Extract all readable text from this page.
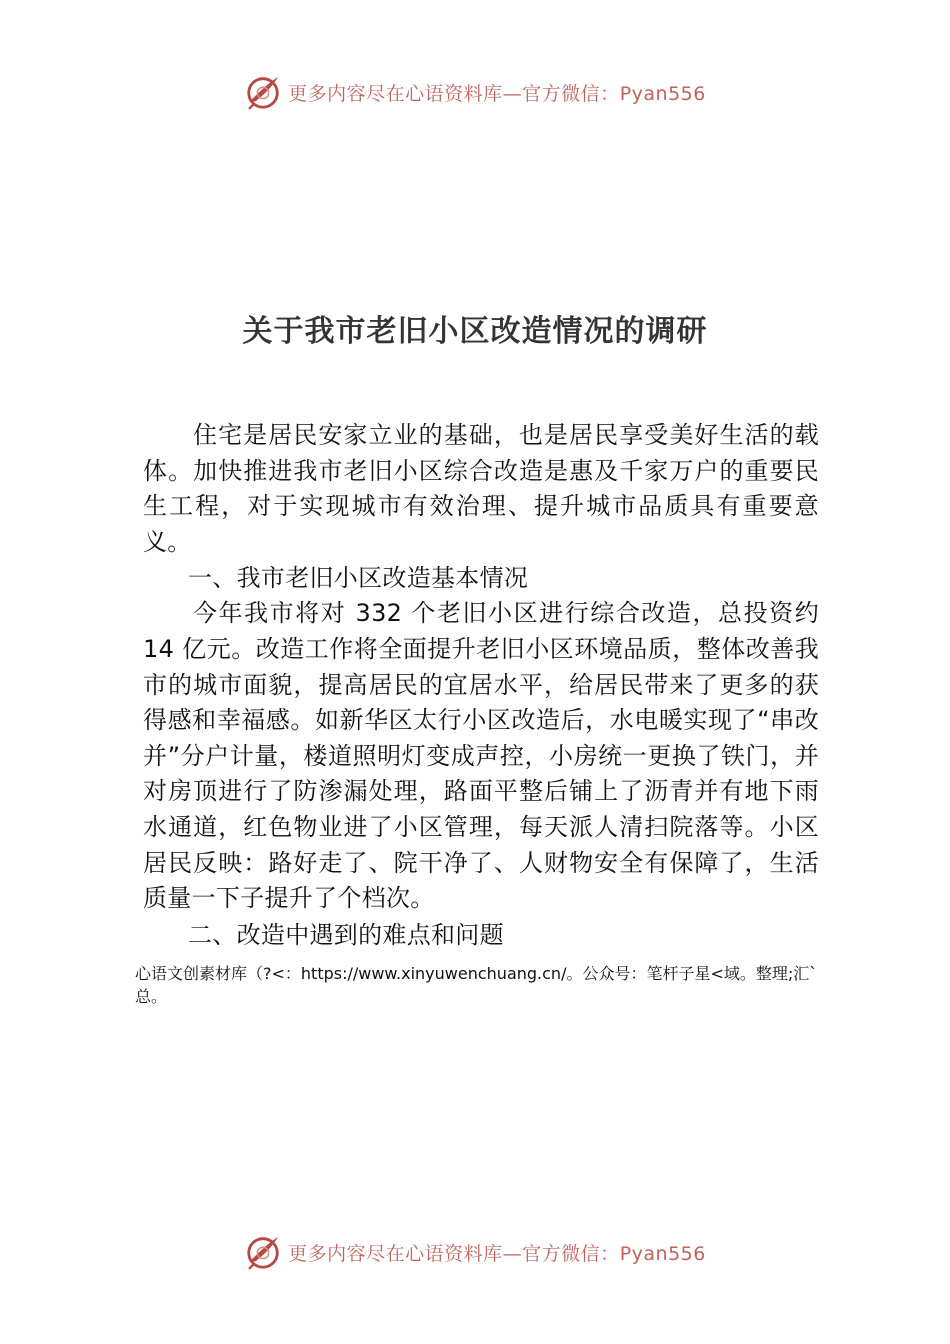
更多内容尽在心语资料库—官方微信：Pyan556
关于我市老旧小区改造情况的调研

住宅是居民安家立业的基础，也是居民享受美好生活的载体。加快推进我市老旧小区综合改造是惠及千家万户的重要民生工程，对于实现城市有效治理、提升城市品质具有重要意义。

一、我市老旧小区改造基本情况

今年我市将对 332 个老旧小区进行综合改造，总投资约 14 亿元。改造工作将全面提升老旧小区环境品质，整体改善我市的城市面貌，提高居民的宜居水平，给居民带来了更多的获得感和幸福感。如新华区太行小区改造后，水电暖实现了“串改并”分户计量，楼道照明灯变成声控，小房统一更换了铁门，并对房顶进行了防渗漏处理，路面平整后铺上了沥青并有地下雨水通道，红色物业进了小区管理，每天派人清扫院落等。小区居民反映：路好走了、院干净了、人财物安全有保障了，生活质量一下子提升了个档次。

二、改造中遇到的难点和问题

心语文创素材库（?<：https://www.xinyuwenchuang.cn/。公众号：笔杆子星<域。整理;汇`总。

更多内容尽在心语资料库—官方微信：Pyan556
